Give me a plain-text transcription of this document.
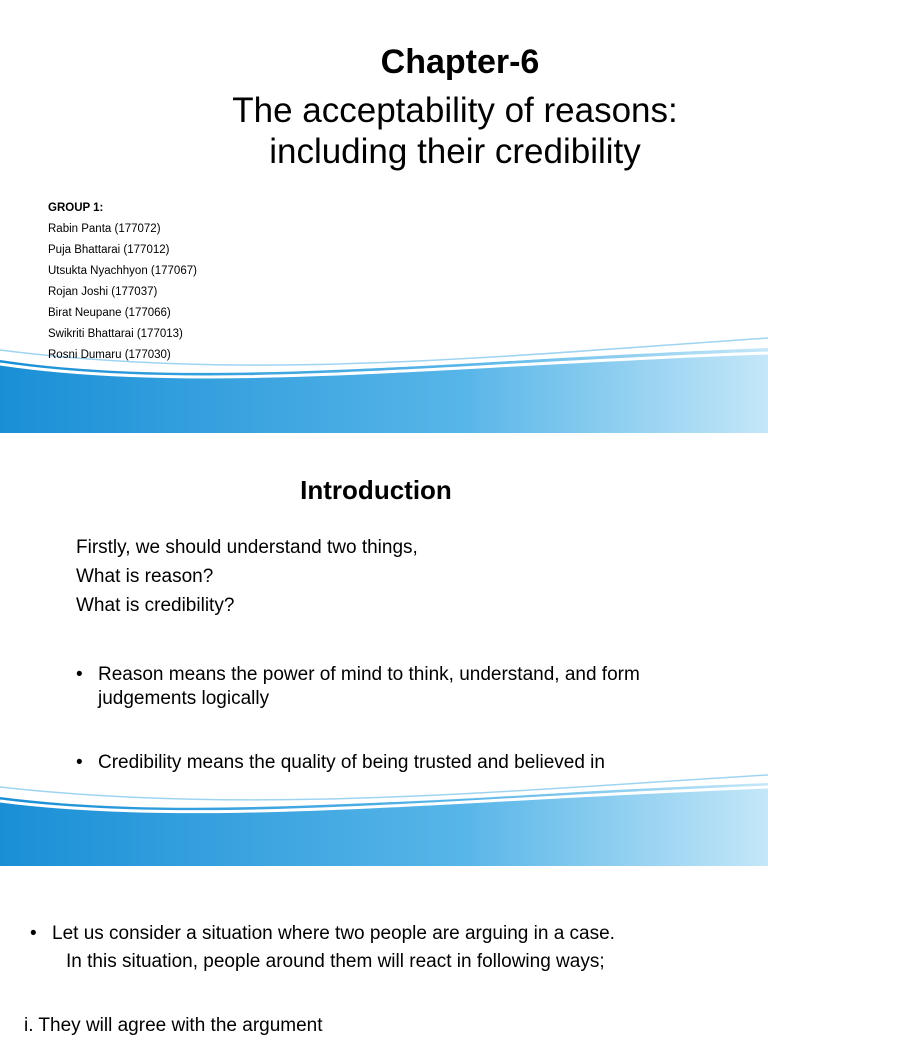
Chapter-6
The acceptability of reasons: including their credibility
GROUP 1:
Rabin Panta (177072)
Puja Bhattarai (177012)
Utsukta Nyachhyon (177067)
Rojan Joshi (177037)
Birat Neupane (177066)
Swikriti Bhattarai (177013)
Rosni Dumaru (177030)
Introduction
Firstly, we should understand two things,
What is reason?
What is credibility?
• Reason means the power of mind to think, understand, and form judgements logically
• Credibility means the quality of being trusted and believed in
• Let us consider a situation where two people are arguing in a case.
In this situation, people around them will react in following ways;
i. They will agree with the argument
